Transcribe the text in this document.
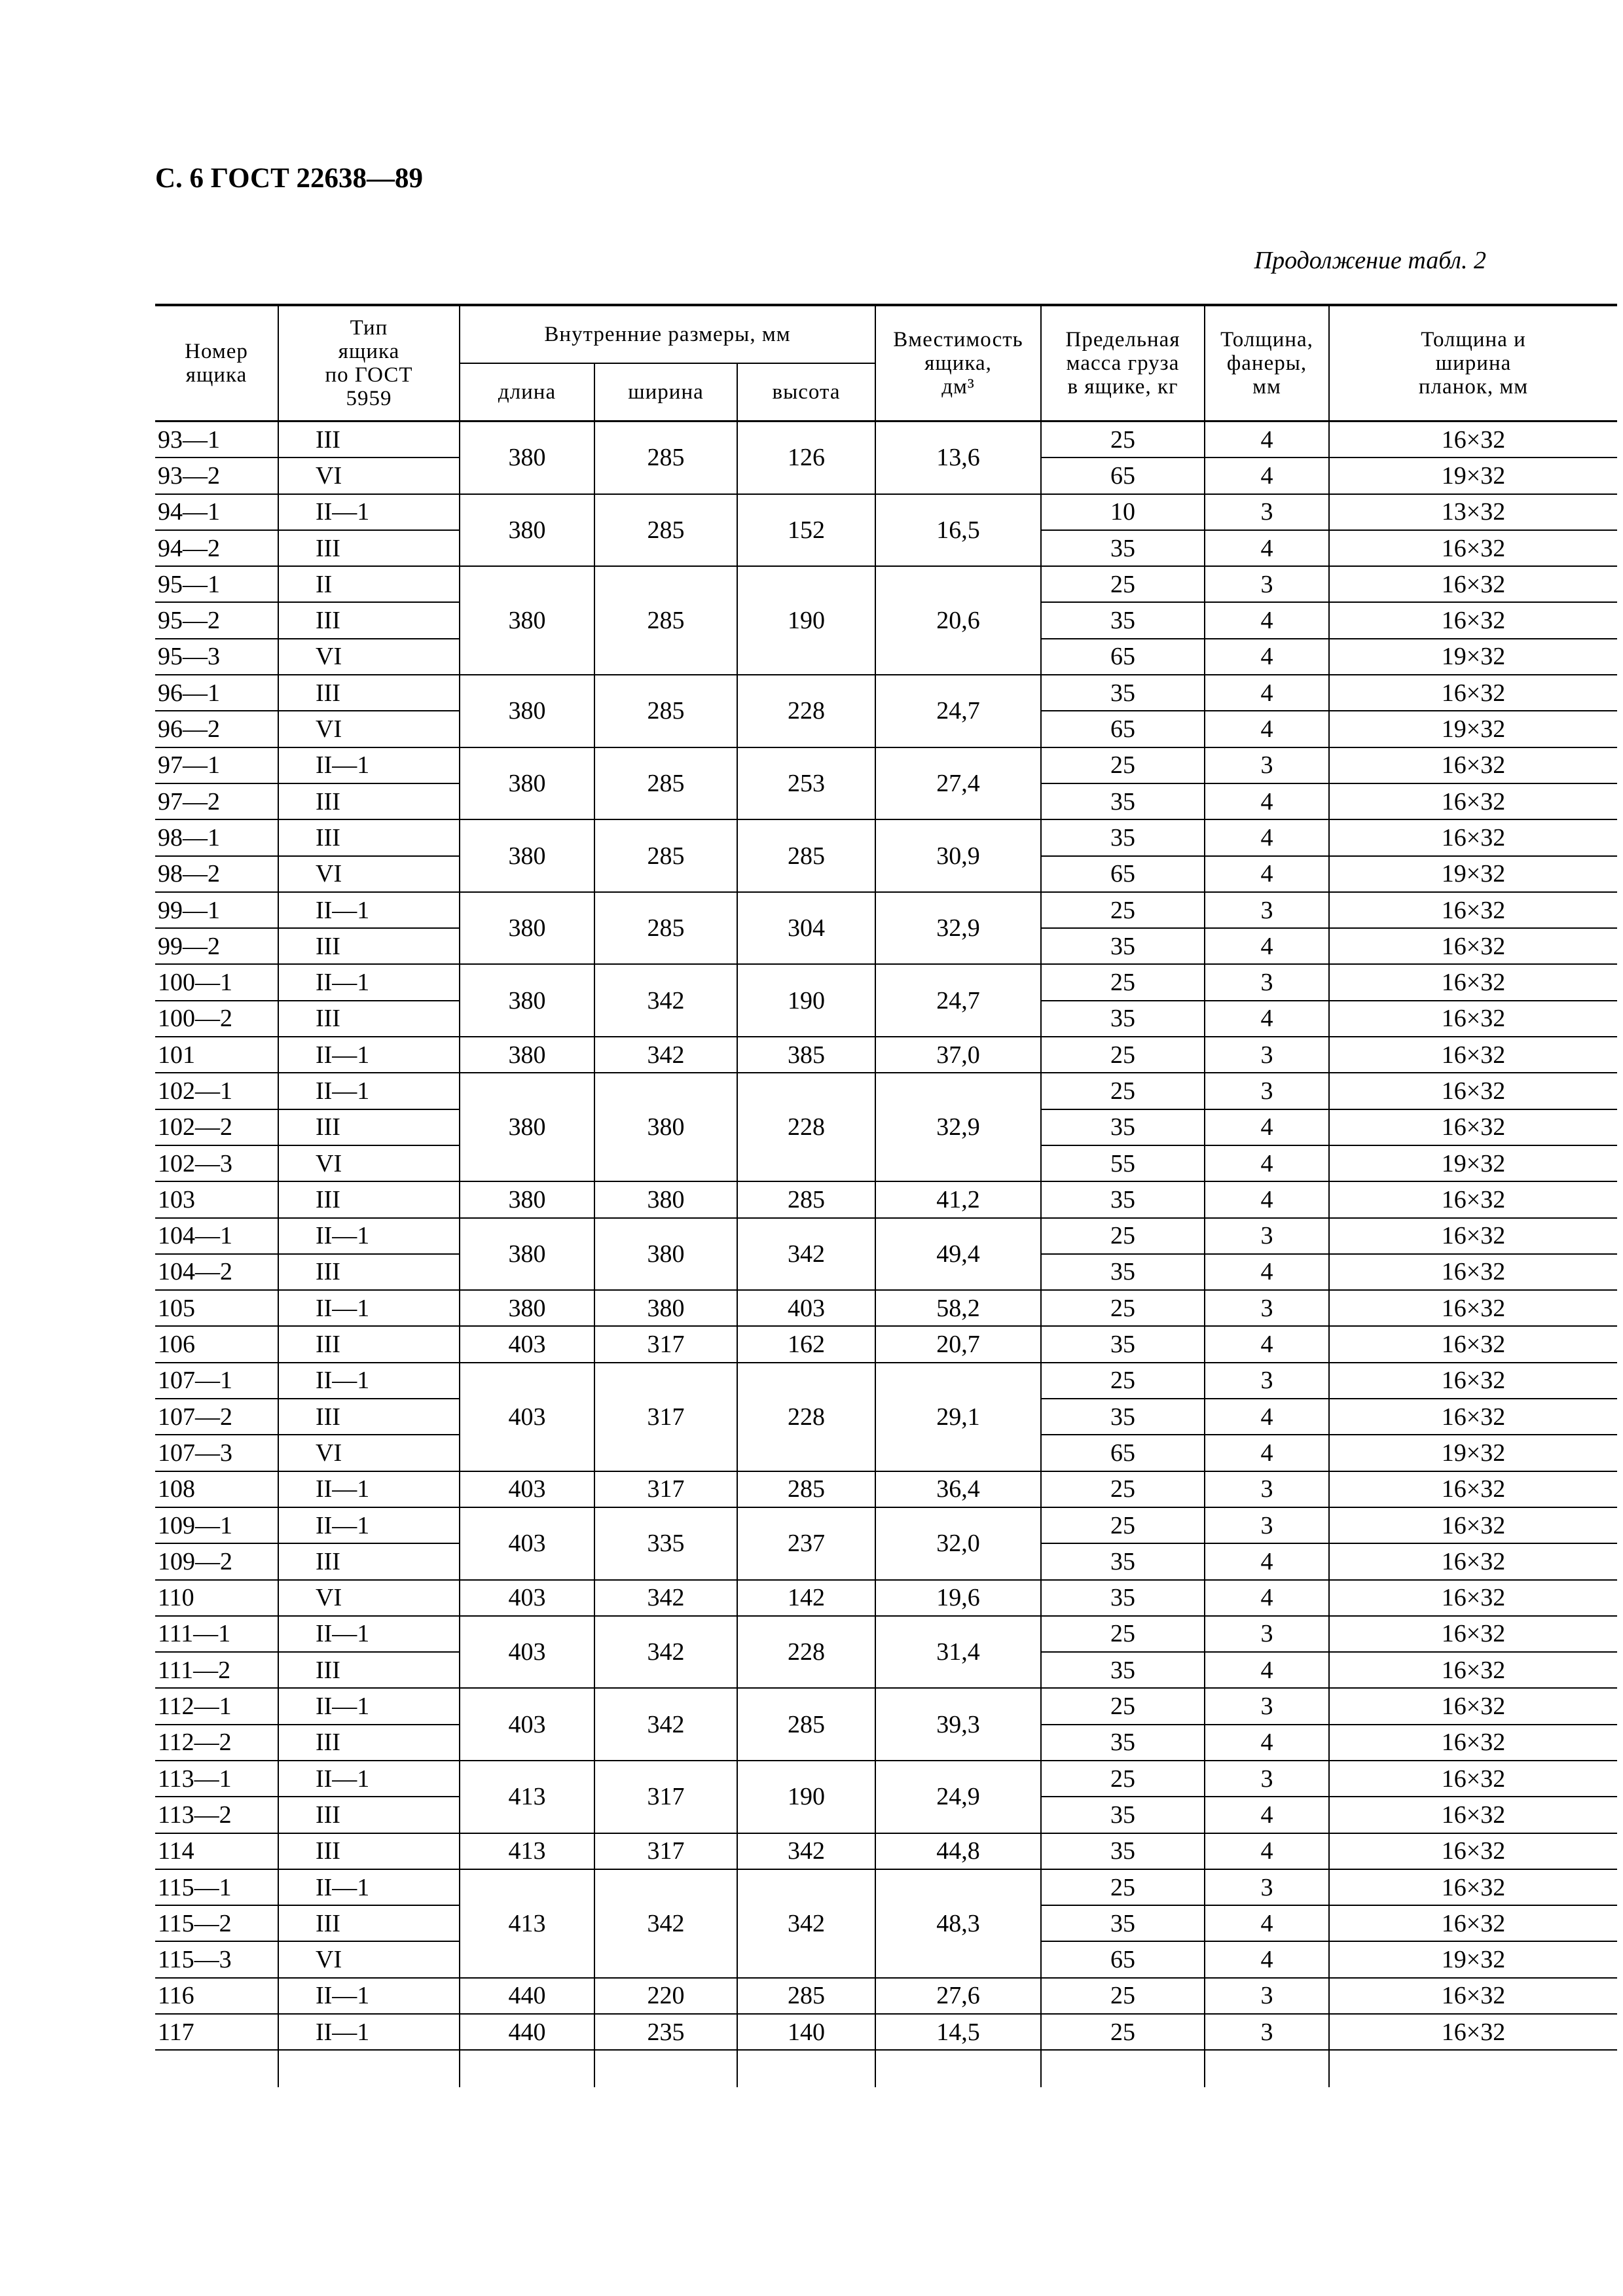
С. 6 ГОСТ 22638—89
Продолжение табл. 2
Номер
ящика	Тип
ящика
по ГОСТ
5959	Внутренние размеры, мм			Вместимость
ящика,
дм³	Предельная
масса груза
в ящике, кг	Толщина,
фанеры,
мм	Толщина и
ширина
планок, мм
		длина	ширина	высота				
93—1	III	380	285	126	13,6	25	4	16×32
93—2	VI					65	4	19×32
94—1	II—1	380	285	152	16,5	10	3	13×32
94—2	III					35	4	16×32
95—1	II	380	285	190	20,6	25	3	16×32
95—2	III					35	4	16×32
95—3	VI					65	4	19×32
96—1	III	380	285	228	24,7	35	4	16×32
96—2	VI					65	4	19×32
97—1	II—1	380	285	253	27,4	25	3	16×32
97—2	III					35	4	16×32
98—1	III	380	285	285	30,9	35	4	16×32
98—2	VI					65	4	19×32
99—1	II—1	380	285	304	32,9	25	3	16×32
99—2	III					35	4	16×32
100—1	II—1	380	342	190	24,7	25	3	16×32
100—2	III					35	4	16×32
101	II—1	380	342	385	37,0	25	3	16×32
102—1	II—1	380	380	228	32,9	25	3	16×32
102—2	III					35	4	16×32
102—3	VI					55	4	19×32
103	III	380	380	285	41,2	35	4	16×32
104—1	II—1	380	380	342	49,4	25	3	16×32
104—2	III					35	4	16×32
105	II—1	380	380	403	58,2	25	3	16×32
106	III	403	317	162	20,7	35	4	16×32
107—1	II—1	403	317	228	29,1	25	3	16×32
107—2	III					35	4	16×32
107—3	VI					65	4	19×32
108	II—1	403	317	285	36,4	25	3	16×32
109—1	II—1	403	335	237	32,0	25	3	16×32
109—2	III					35	4	16×32
110	VI	403	342	142	19,6	35	4	16×32
111—1	II—1	403	342	228	31,4	25	3	16×32
111—2	III					35	4	16×32
112—1	II—1	403	342	285	39,3	25	3	16×32
112—2	III					35	4	16×32
113—1	II—1	413	317	190	24,9	25	3	16×32
113—2	III					35	4	16×32
114	III	413	317	342	44,8	35	4	16×32
115—1	II—1	413	342	342	48,3	25	3	16×32
115—2	III					35	4	16×32
115—3	VI					65	4	19×32
116	II—1	440	220	285	27,6	25	3	16×32
117	II—1	440	235	140	14,5	25	3	16×32
